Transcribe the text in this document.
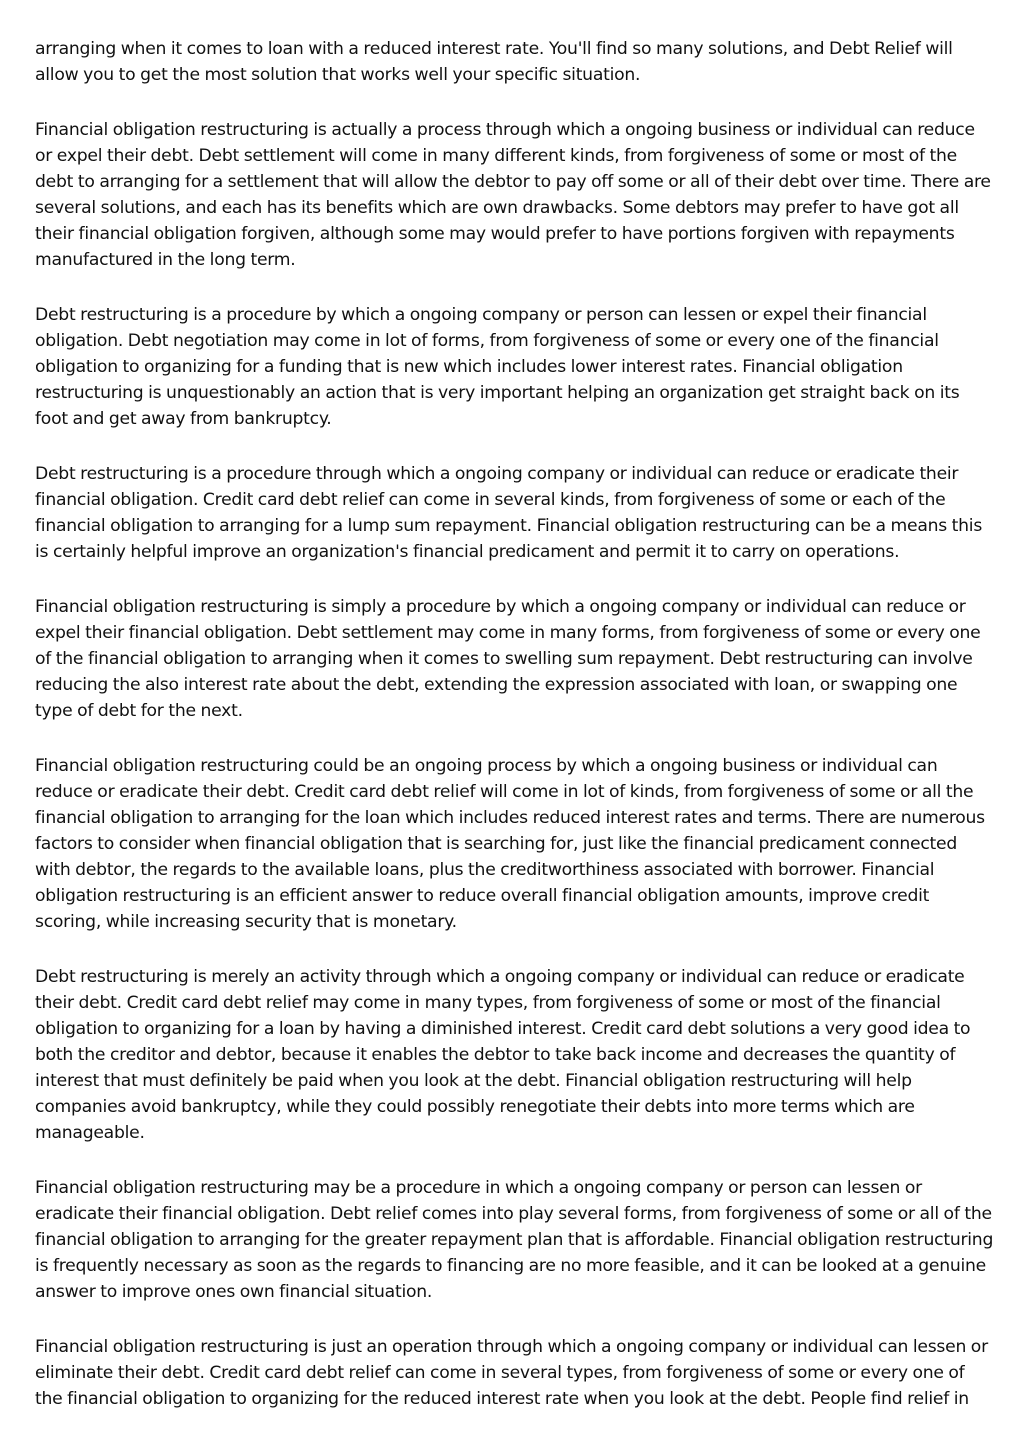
arranging when it comes to loan with a reduced interest rate. You'll find so many solutions, and Debt Relief will allow you to get the most solution that works well your specific situation.

Financial obligation restructuring is actually a process through which a ongoing business or individual can reduce or expel their debt. Debt settlement will come in many different kinds, from forgiveness of some or most of the debt to arranging for a settlement that will allow the debtor to pay off some or all of their debt over time. There are several solutions, and each has its benefits which are own drawbacks. Some debtors may prefer to have got all their financial obligation forgiven, although some may would prefer to have portions forgiven with repayments manufactured in the long term.

Debt restructuring is a procedure by which a ongoing company or person can lessen or expel their financial obligation. Debt negotiation may come in lot of forms, from forgiveness of some or every one of the financial obligation to organizing for a funding that is new which includes lower interest rates. Financial obligation restructuring is unquestionably an action that is very important helping an organization get straight back on its foot and get away from bankruptcy.

Debt restructuring is a procedure through which a ongoing company or individual can reduce or eradicate their financial obligation. Credit card debt relief can come in several kinds, from forgiveness of some or each of the financial obligation to arranging for a lump sum repayment. Financial obligation restructuring can be a means this is certainly helpful improve an organization's financial predicament and permit it to carry on operations.

Financial obligation restructuring is simply a procedure by which a ongoing company or individual can reduce or expel their financial obligation. Debt settlement may come in many forms, from forgiveness of some or every one of the financial obligation to arranging when it comes to swelling sum repayment. Debt restructuring can involve reducing the also interest rate about the debt, extending the expression associated with loan, or swapping one type of debt for the next.

Financial obligation restructuring could be an ongoing process by which a ongoing business or individual can reduce or eradicate their debt. Credit card debt relief will come in lot of kinds, from forgiveness of some or all the financial obligation to arranging for the loan which includes reduced interest rates and terms. There are numerous factors to consider when financial obligation that is searching for, just like the financial predicament connected with debtor, the regards to the available loans, plus the creditworthiness associated with borrower. Financial obligation restructuring is an efficient answer to reduce overall financial obligation amounts, improve credit scoring, while increasing security that is monetary.

Debt restructuring is merely an activity through which a ongoing company or individual can reduce or eradicate their debt. Credit card debt relief may come in many types, from forgiveness of some or most of the financial obligation to organizing for a loan by having a diminished interest. Credit card debt solutions a very good idea to both the creditor and debtor, because it enables the debtor to take back income and decreases the quantity of interest that must definitely be paid when you look at the debt. Financial obligation restructuring will help companies avoid bankruptcy, while they could possibly renegotiate their debts into more terms which are manageable.

Financial obligation restructuring may be a procedure in which a ongoing company or person can lessen or eradicate their financial obligation. Debt relief comes into play several forms, from forgiveness of some or all of the financial obligation to arranging for the greater repayment plan that is affordable. Financial obligation restructuring is frequently necessary as soon as the regards to financing are no more feasible, and it can be looked at a genuine answer to improve ones own financial situation.

Financial obligation restructuring is just an operation through which a ongoing company or individual can lessen or eliminate their debt. Credit card debt relief can come in several types, from forgiveness of some or every one of the financial obligation to organizing for the reduced interest rate when you look at the debt. People find relief in
